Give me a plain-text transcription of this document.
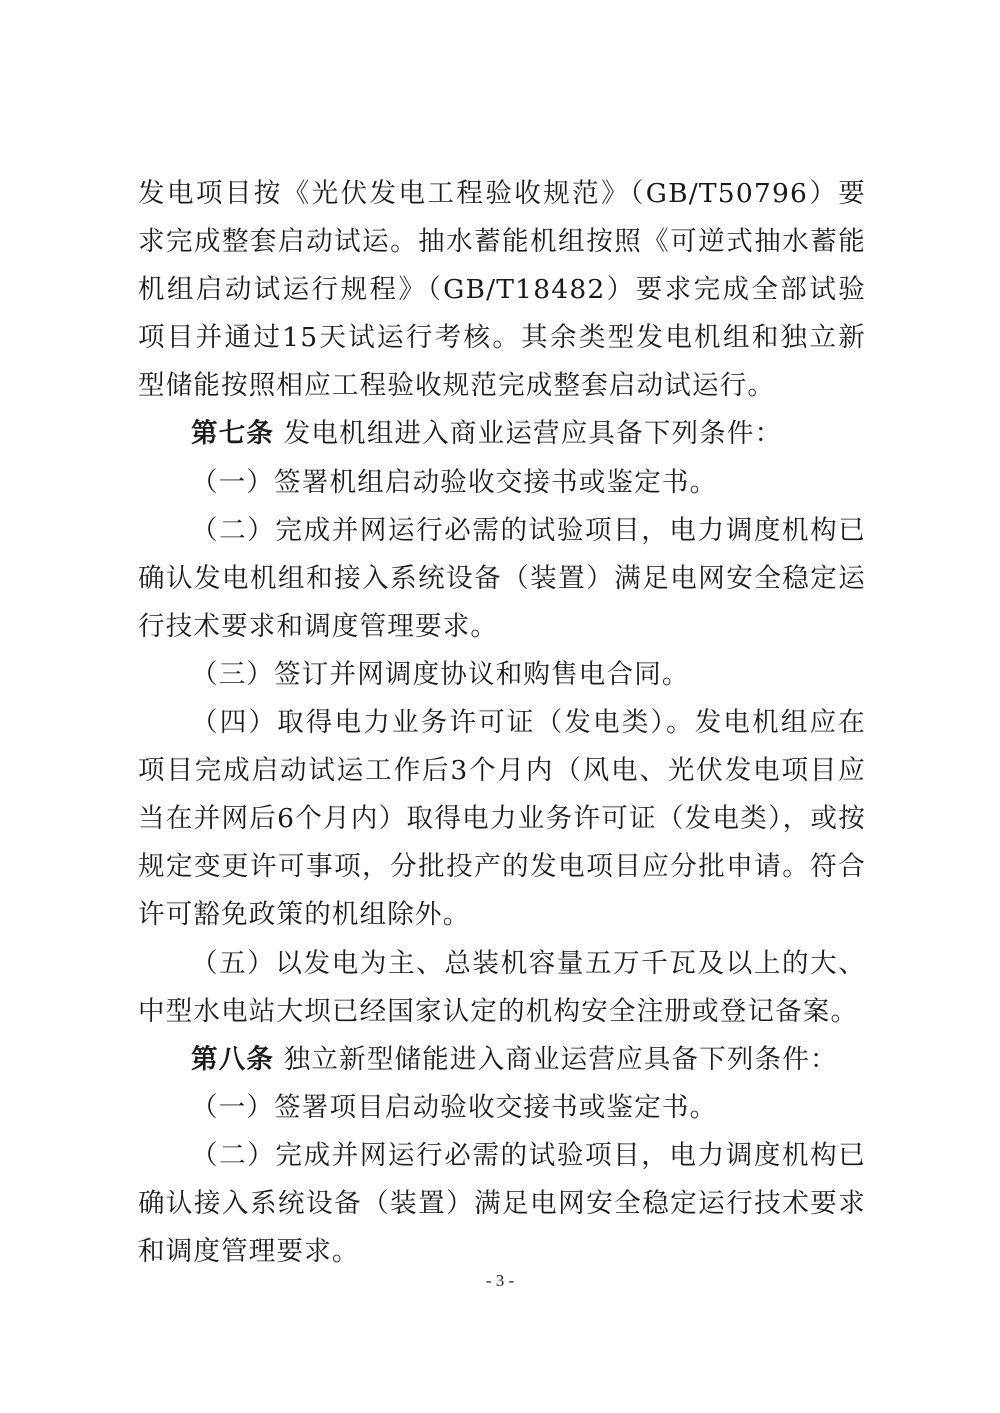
发电项目按《光伏发电工程验收规范》（GB/T50796）要求完成整套启动试运。抽水蓄能机组按照《可逆式抽水蓄能机组启动试运行规程》（GB/T18482）要求完成全部试验项目并通过15天试运行考核。其余类型发电机组和独立新型储能按照相应工程验收规范完成整套启动试运行。

第七条 发电机组进入商业运营应具备下列条件：

（一）签署机组启动验收交接书或鉴定书。

（二）完成并网运行必需的试验项目，电力调度机构已确认发电机组和接入系统设备（装置）满足电网安全稳定运行技术要求和调度管理要求。

（三）签订并网调度协议和购售电合同。

（四）取得电力业务许可证（发电类）。发电机组应在项目完成启动试运工作后3个月内（风电、光伏发电项目应当在并网后6个月内）取得电力业务许可证（发电类），或按规定变更许可事项，分批投产的发电项目应分批申请。符合许可豁免政策的机组除外。

（五）以发电为主、总装机容量五万千瓦及以上的大、中型水电站大坝已经国家认定的机构安全注册或登记备案。

第八条 独立新型储能进入商业运营应具备下列条件：

（一）签署项目启动验收交接书或鉴定书。

（二）完成并网运行必需的试验项目，电力调度机构已确认接入系统设备（装置）满足电网安全稳定运行技术要求和调度管理要求。

- 3 -
